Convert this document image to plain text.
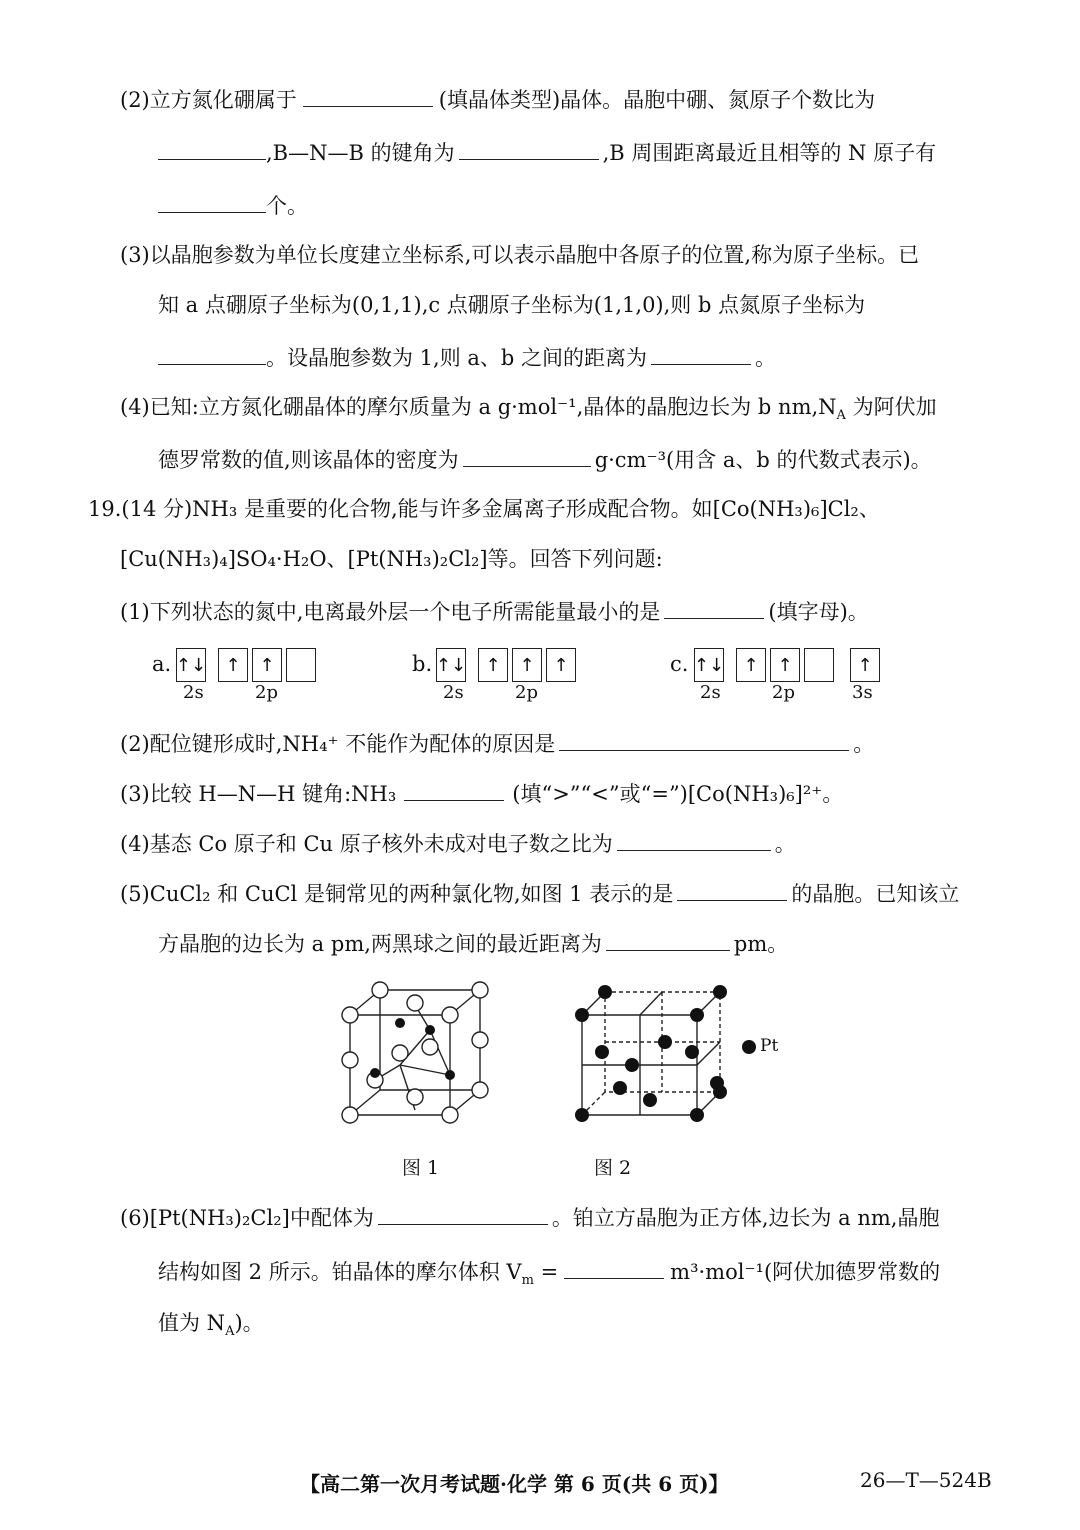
(2)立方氮化硼属于	(填晶体类型)晶体。晶胞中硼、氮原子个数比为
,B—N—B 的键角为	,B 周围距离最近且相等的 N 原子有
个。
(3)以晶胞参数为单位长度建立坐标系,可以表示晶胞中各原子的位置,称为原子坐标。已
知 a 点硼原子坐标为(0,1,1),c 点硼原子坐标为(1,1,0),则 b 点氮原子坐标为
。设晶胞参数为 1,则 a、b 之间的距离为	。
(4)已知:立方氮化硼晶体的摩尔质量为 a g·mol⁻¹,晶体的晶胞边长为 b $nm,N_A$ 为阿伏加
德罗常数的值,则该晶体的密度为	g·cm⁻³(用含 a、b 的代数式表示)。
19.(14 分)NH₃ 是重要的化合物,能与许多金属离子形成配合物。如[Co(NH₃)₆]Cl₂、
[Cu(NH₃)₄]SO₄·H₂O、[Pt(NH₃)₂Cl₂]等。回答下列问题:
(1)下列状态的氮中,电离最外层一个电子所需能量最小的是	(填字母)。
a. ↑↓	↑	↑
2s	2p
b. ↑↓	↑	↑	↑
2s	2p
c. ↑↓	↑	↑	↑
2s	2p	3s
(2)配位键形成时,NH₄⁺ 不能作为配体的原因是	。
(3)比较 H—N—H 键角:NH₃	(填“>”“<”或“=”)[Co(NH₃)₆]²⁺。
(4)基态 Co 原子和 Cu 原子核外未成对电子数之比为	。
(5)CuCl₂ 和 CuCl 是铜常见的两种氯化物,如图 1 表示的是	的晶胞。已知该立
方晶胞的边长为 a pm,两黑球之间的最近距离为	pm。
图 1
Pt
图 2
(6)[Pt(NH₃)₂Cl₂]中配体为	。铂立方晶胞为正方体,边长为 a nm,晶胞
结构如图 2 所示。铂晶体的摩尔体积 $V_m$ =	m³·mol⁻¹(阿伏加德罗常数的
值为 $N_A$)。
【高二第一次月考试题·化学 第 6 页(共 6 页)】	26—T—524B
